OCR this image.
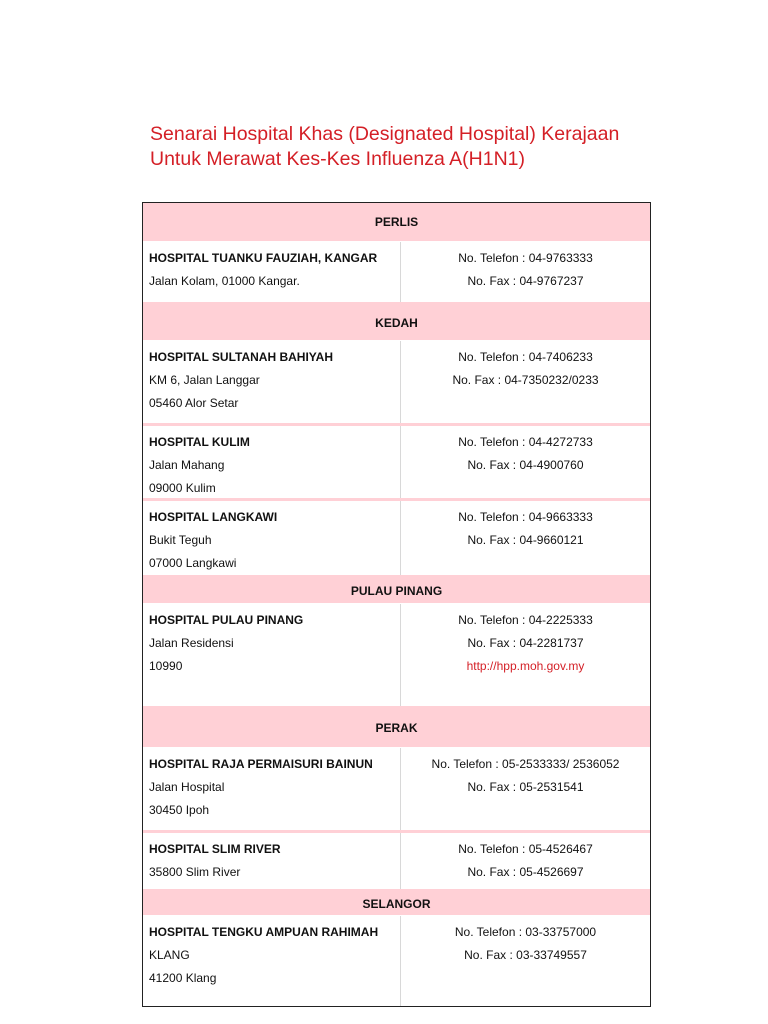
Senarai Hospital Khas (Designated Hospital) Kerajaan
Untuk Merawat Kes-Kes Influenza A(H1N1)
PERLIS
HOSPITAL TUANKU FAUZIAH, KANGAR
Jalan Kolam, 01000 Kangar.
No. Telefon : 04-9763333
No. Fax : 04-9767237
KEDAH
HOSPITAL SULTANAH BAHIYAH
KM 6, Jalan Langgar
05460 Alor Setar
No. Telefon : 04-7406233
No. Fax : 04-7350232/0233
HOSPITAL KULIM
Jalan Mahang
09000 Kulim
No. Telefon : 04-4272733
No. Fax : 04-4900760
HOSPITAL LANGKAWI
Bukit Teguh
07000 Langkawi
No. Telefon : 04-9663333
No. Fax : 04-9660121
PULAU PINANG
HOSPITAL PULAU PINANG
Jalan Residensi
10990
No. Telefon : 04-2225333
No. Fax : 04-2281737
http://hpp.moh.gov.my
PERAK
HOSPITAL RAJA PERMAISURI BAINUN
Jalan Hospital
30450 Ipoh
No. Telefon : 05-2533333/ 2536052
No. Fax : 05-2531541
HOSPITAL SLIM RIVER
35800 Slim River
No. Telefon : 05-4526467
No. Fax : 05-4526697
SELANGOR
HOSPITAL TENGKU AMPUAN RAHIMAH
KLANG
41200 Klang
No. Telefon : 03-33757000
No. Fax : 03-33749557
